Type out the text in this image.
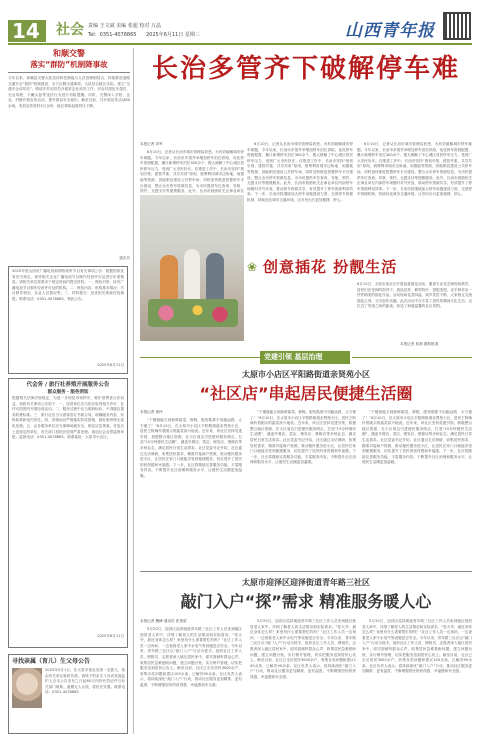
14 社会 责编 王文斌 美编 张超 校对 万晶
Tel：0351-4078865 2025年6月11日 星期三	山西青年报
和顺交警
落实“群防”机制降事故
今年以来，和顺县交警大队坚持科技赋能与人员管理相结合，持续推进道路交通安全“群防”机制建设，全力压降交通事故。大队结合辖区实际，建立“交通安全劝导站”，聘请乡村劝导员开展常态化劝导工作，对农村面包车超员、无证驾驶、不戴头盔等违法行为进行劝阻提醒。同时，交警深入学校、企业、村镇开展宣传活动，提升群众安全意识。截至目前，共开展宣传活动80余场，发放宣传资料2万余份，辖区事故起数同比下降。
通讯员
2025年度山西省广播电视和网络视听节目有关事项公告：根据国家及省有关规定，现对相关企业广播电视节目制作经营许可证进行年度核验。请相关单位按要求于规定时间内提交材料。一、核验对象：持有广播电视节目制作经营许可证的机构。二、核验内容：机构基本情况、节目制作情况、从业人员情况等。三、材料提交：登录相关系统在线填报。联系电话：0351-4078865。特此公告。
2025年6月11日
代会务 / 旅行社养殖开展服务公告
群众服务 · 服务须知
根据相关法律法规规定，为进一步规范市场秩序，维护消费者合法权益，现将有关事项公告如下：一、经营单位应当依法取得相关许可，在许可范围内开展经营活动。二、服务过程中应当明码标价，不得擅自提高收费标准。三、旅行社应当与游客签订书面合同，明确服务内容、价格标准和违约责任。四、养殖场应严格落实防疫措施，做好废弃物无害化处理。五、会务服务单位应当保障场地安全，制定应急预案。对违反上述规定的单位，有关部门将依法依规严肃处理。欢迎社会各界监督举报。监督电话：0351-4078865。联系地址：太原市小店区。
2025年6月11日
寻找亲属（育儿）生父母公告
2025年5月1日，在太原市某处发现一名婴儿，现由有关单位临时代养。请孩子的亲生父母或其他监护人自本公告发布之日起60日内持有效证件与有关部门联系。逾期无人认领，将依法安置。联系电话：0351-4078865
长治多管齐下破解停车难
本报记者 刘军

6月10日，记者从长治市城市管理局获悉，为有效破解城市停车难题，今年以来，长治市多措并举增加停车泊位供给，优化停车资源配置，累计新增停车泊位300余个，极大缓解了中心城区居民停车压力，受到广大市民好评。在推进工作中，长治市坚持“规划引领、建管并重、共享共用”原则，统筹利用城市边角地、闲置地等资源，因地制宜建设公共停车场，同时加快推进智慧停车平台建设，整合全市停车资源信息，为市民提供车位查询、导航、预约、无感支付等便捷服务。此外，长治市鼓励机关企事业单位

6月10日，记者从长治市城市管理局获悉，为有效破解城市停车难题，今年以来，长治市多措并举增加停车泊位供给，优化停车资源配置，累计新增停车泊位300余个，极大缓解了中心城区居民停车压力，受到广大市民好评。在推进工作中，长治市坚持“规划引领、建管并重、共享共用”原则，统筹利用城市边角地、闲置地等资源，因地制宜建设公共停车场，同时加快推进智慧停车平台建设，整合全市停车资源信息，为市民提供车位查询、导航、预约、无感支付等便捷服务。此外，长治市鼓励机关企事业单位内部停车场错时对外开放，推动停车资源共享，有效提升了停车资源利用效率。下一步，长治市将继续加大停车设施建设力度，完善停车管理机制，持续优化城市交通环境，让市民出行更加便捷、舒心。

6月10日，记者从长治市城市管理局获悉，为有效破解城市停车难题，今年以来，长治市多措并举增加停车泊位供给，优化停车资源配置，累计新增停车泊位300余个，极大缓解了中心城区居民停车压力，受到广大市民好评。在推进工作中，长治市坚持“规划引领、建管并重、共享共用”原则，统筹利用城市边角地、闲置地等资源，因地制宜建设公共停车场，同时加快推进智慧停车平台建设，整合全市停车资源信息，为市民提供车位查询、导航、预约、无感支付等便捷服务。此外，长治市鼓励机关企事业单位内部停车场错时对外开放，推动停车资源共享，有效提升了停车资源利用效率。下一步，长治市将继续加大停车设施建设力度，完善停车管理机制，持续优化城市交通环境，让市民出行更加便捷、舒心。

❀ 创意插花 扮靓生活
6月10日，太原市某社区开展创意插花活动，邀请专业花艺师现场教学，居民们在老师的指导下，挑选花材、修剪枝叶、搭配造型，亲手制作出一件件精美的插花作品。活动现场花香四溢、欢声笑语不断，大家相互交流插花心得，分享创作乐趣。此次活动不仅丰富了居民的精神文化生活，也拉近了邻里之间的距离，营造了和谐温馨的社区氛围。
本报记者 詹莉 摄影报道
党建引领 基层治理
太原市小店区平阳路街道亲贤苑小区
“社区店”串起居民便捷生活圈
本报记者 黄玲

“下楼就能买到新鲜蔬菜，修鞋、配钥匙都不用跑远路，太方便了！”6月10日，在太原市小店区平阳路街道亲贤苑小区，居民王阿姨拎着刚买的蔬菜高兴地说。近年来，该社区坚持党建引领，积极整合辖区资源，在小区周边引进便民服务网点，打造“15分钟便民生活圈”，涵盖早餐店、菜店、理发店、维修店等多种业态，满足居民日常生活需求。社区党委书记介绍，社区通过走访调研，收集居民需求，精准对接商户资源，推动便民服务进小区，让居民在家门口就能享受到便捷服务，切实提升了居民的获得感和幸福感。下一步，社区将继续完善服务功能，丰富服务内容，不断提升社区治理和服务水平，让便民生活圈更加温暖。

“下楼就能买到新鲜蔬菜，修鞋、配钥匙都不用跑远路，太方便了！”6月10日，在太原市小店区平阳路街道亲贤苑小区，居民王阿姨拎着刚买的蔬菜高兴地说。近年来，该社区坚持党建引领，积极整合辖区资源，在小区周边引进便民服务网点，打造“15分钟便民生活圈”，涵盖早餐店、菜店、理发店、维修店等多种业态，满足居民日常生活需求。社区党委书记介绍，社区通过走访调研，收集居民需求，精准对接商户资源，推动便民服务进小区，让居民在家门口就能享受到便捷服务，切实提升了居民的获得感和幸福感。下一步，社区将继续完善服务功能，丰富服务内容，不断提升社区治理和服务水平，让便民生活圈更加温暖。

“下楼就能买到新鲜蔬菜，修鞋、配钥匙都不用跑远路，太方便了！”6月10日，在太原市小店区平阳路街道亲贤苑小区，居民王阿姨拎着刚买的蔬菜高兴地说。近年来，该社区坚持党建引领，积极整合辖区资源，在小区周边引进便民服务网点，打造“15分钟便民生活圈”，涵盖早餐店、菜店、理发店、维修店等多种业态，满足居民日常生活需求。社区党委书记介绍，社区通过走访调研，收集居民需求，精准对接商户资源，推动便民服务进小区，让居民在家门口就能享受到便捷服务，切实提升了居民的获得感和幸福感。下一步，社区将继续完善服务功能，丰富服务内容，不断提升社区治理和服务水平，让便民生活圈更加温暖。

太原市迎泽区迎泽街道青年路三社区
敲门入户“探”需求 精准服务暖人心
本报记者 魏峰 通讯员 张茶昭

5月20日，迎泽区迎泽街道青年路三社区工作人员来到辖区独居老人家中，详细了解老人的生活情况和实际需求。“张大爷，最近身体怎么样？家里有什么需要帮忙的吗？”社区工作人员一边询问，一边查看老人家中水电气等设施是否安全。今年以来，青年路三社区以“敲门入户”行动为抓手，组织社区工作人员、网格员、志愿者深入辖区居民家中，面对面倾听群众心声，收集居民急难愁盼问题，建立问题台账，实行销号管理，切实把服务送到居民心坎上。截至目前，社区已走访居民3000余户，收集各类问题和建议100余条，已解决90余条。社区负责人表示，将持续深化“敲门入户”行动，推动社区服务更加精准、更有温度，不断增强居民的获得感、幸福感和安全感。

5月20日，迎泽区迎泽街道青年路三社区工作人员来到辖区独居老人家中，详细了解老人的生活情况和实际需求。“张大爷，最近身体怎么样？家里有什么需要帮忙的吗？”社区工作人员一边询问，一边查看老人家中水电气等设施是否安全。今年以来，青年路三社区以“敲门入户”行动为抓手，组织社区工作人员、网格员、志愿者深入辖区居民家中，面对面倾听群众心声，收集居民急难愁盼问题，建立问题台账，实行销号管理，切实把服务送到居民心坎上。截至目前，社区已走访居民3000余户，收集各类问题和建议100余条，已解决90余条。社区负责人表示，将持续深化“敲门入户”行动，推动社区服务更加精准、更有温度，不断增强居民的获得感、幸福感和安全感。

5月20日，迎泽区迎泽街道青年路三社区工作人员来到辖区独居老人家中，详细了解老人的生活情况和实际需求。“张大爷，最近身体怎么样？家里有什么需要帮忙的吗？”社区工作人员一边询问，一边查看老人家中水电气等设施是否安全。今年以来，青年路三社区以“敲门入户”行动为抓手，组织社区工作人员、网格员、志愿者深入辖区居民家中，面对面倾听群众心声，收集居民急难愁盼问题，建立问题台账，实行销号管理，切实把服务送到居民心坎上。截至目前，社区已走访居民3000余户，收集各类问题和建议100余条，已解决90余条。社区负责人表示，将持续深化“敲门入户”行动，推动社区服务更加精准、更有温度，不断增强居民的获得感、幸福感和安全感。
